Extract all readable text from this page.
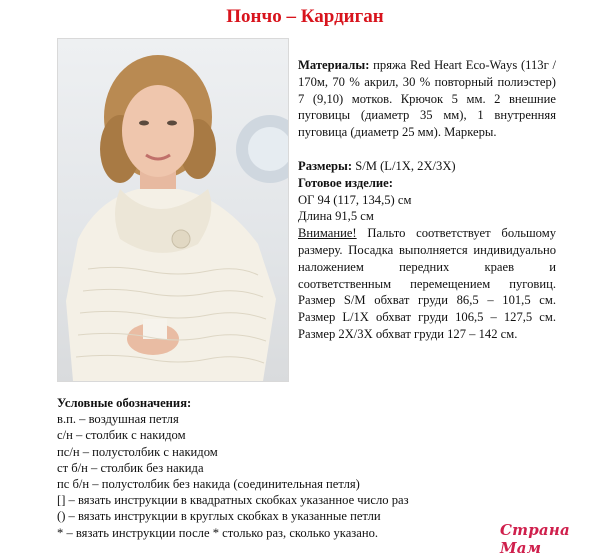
Пончо – Кардиган

Материалы: пряжа Red Heart Eco-Ways (113г / 170м, 70 % акрил, 30 % повторный полиэстер) 7 (9,10) мотков. Крючок 5 мм. 2 внешние пуговицы (диаметр 35 мм), 1 внутренняя пуговица (диаметр 25 мм). Маркеры.

Размеры: S/M (L/1X, 2X/3X)

Готовое изделие:

ОГ 94 (117, 134,5) см

Длина 91,5 см

Внимание! Пальто соответствует большому размеру. Посадка выполняется индивидуально наложением передних краев и соответственным перемещением пуговиц. Размер S/M обхват груди 86,5 – 101,5 см. Размер L/1X обхват груди 106,5 – 127,5 см. Размер 2X/3X обхват груди 127 – 142 см.

Условные обозначения:
в.п. – воздушная петля
с/н – столбик с накидом
пс/н – полустолбик с накидом
ст б/н – столбик без накида
пс б/н – полустолбик без накида (соединительная петля)
[] – вязать инструкции в квадратных скобках указанное число раз
() – вязать инструкции в круглых скобках в указанные петли
* – вязать инструкции после * столько раз, сколько указано.	Страна Мам
